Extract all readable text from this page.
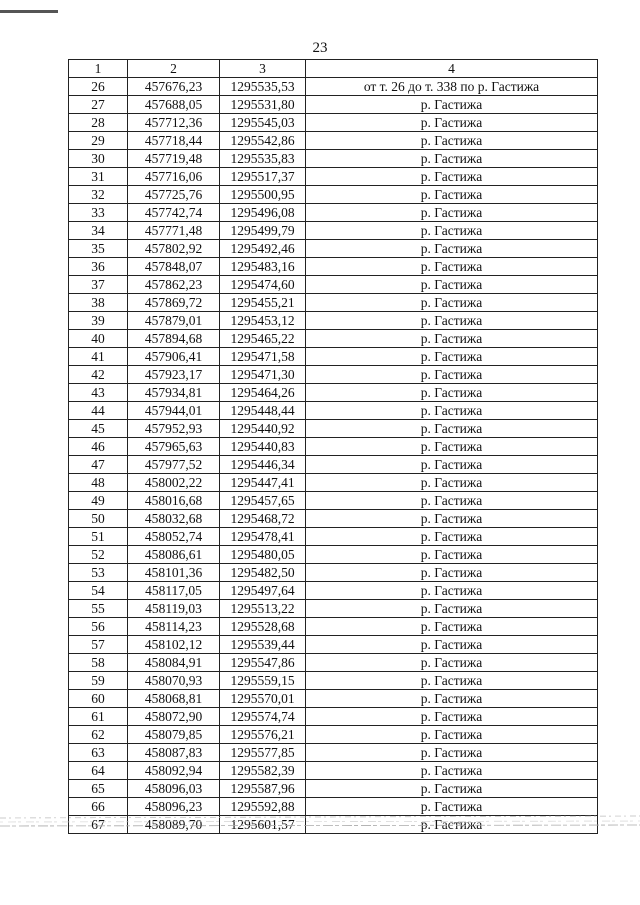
23
1	2	3	4
26	457676,23	1295535,53	от т. 26 до т. 338 по р. Гастижа
27	457688,05	1295531,80	р. Гастижа
28	457712,36	1295545,03	р. Гастижа
29	457718,44	1295542,86	р. Гастижа
30	457719,48	1295535,83	р. Гастижа
31	457716,06	1295517,37	р. Гастижа
32	457725,76	1295500,95	р. Гастижа
33	457742,74	1295496,08	р. Гастижа
34	457771,48	1295499,79	р. Гастижа
35	457802,92	1295492,46	р. Гастижа
36	457848,07	1295483,16	р. Гастижа
37	457862,23	1295474,60	р. Гастижа
38	457869,72	1295455,21	р. Гастижа
39	457879,01	1295453,12	р. Гастижа
40	457894,68	1295465,22	р. Гастижа
41	457906,41	1295471,58	р. Гастижа
42	457923,17	1295471,30	р. Гастижа
43	457934,81	1295464,26	р. Гастижа
44	457944,01	1295448,44	р. Гастижа
45	457952,93	1295440,92	р. Гастижа
46	457965,63	1295440,83	р. Гастижа
47	457977,52	1295446,34	р. Гастижа
48	458002,22	1295447,41	р. Гастижа
49	458016,68	1295457,65	р. Гастижа
50	458032,68	1295468,72	р. Гастижа
51	458052,74	1295478,41	р. Гастижа
52	458086,61	1295480,05	р. Гастижа
53	458101,36	1295482,50	р. Гастижа
54	458117,05	1295497,64	р. Гастижа
55	458119,03	1295513,22	р. Гастижа
56	458114,23	1295528,68	р. Гастижа
57	458102,12	1295539,44	р. Гастижа
58	458084,91	1295547,86	р. Гастижа
59	458070,93	1295559,15	р. Гастижа
60	458068,81	1295570,01	р. Гастижа
61	458072,90	1295574,74	р. Гастижа
62	458079,85	1295576,21	р. Гастижа
63	458087,83	1295577,85	р. Гастижа
64	458092,94	1295582,39	р. Гастижа
65	458096,03	1295587,96	р. Гастижа
66	458096,23	1295592,88	р. Гастижа
67	458089,70	1295601,57	р. Гастижа
